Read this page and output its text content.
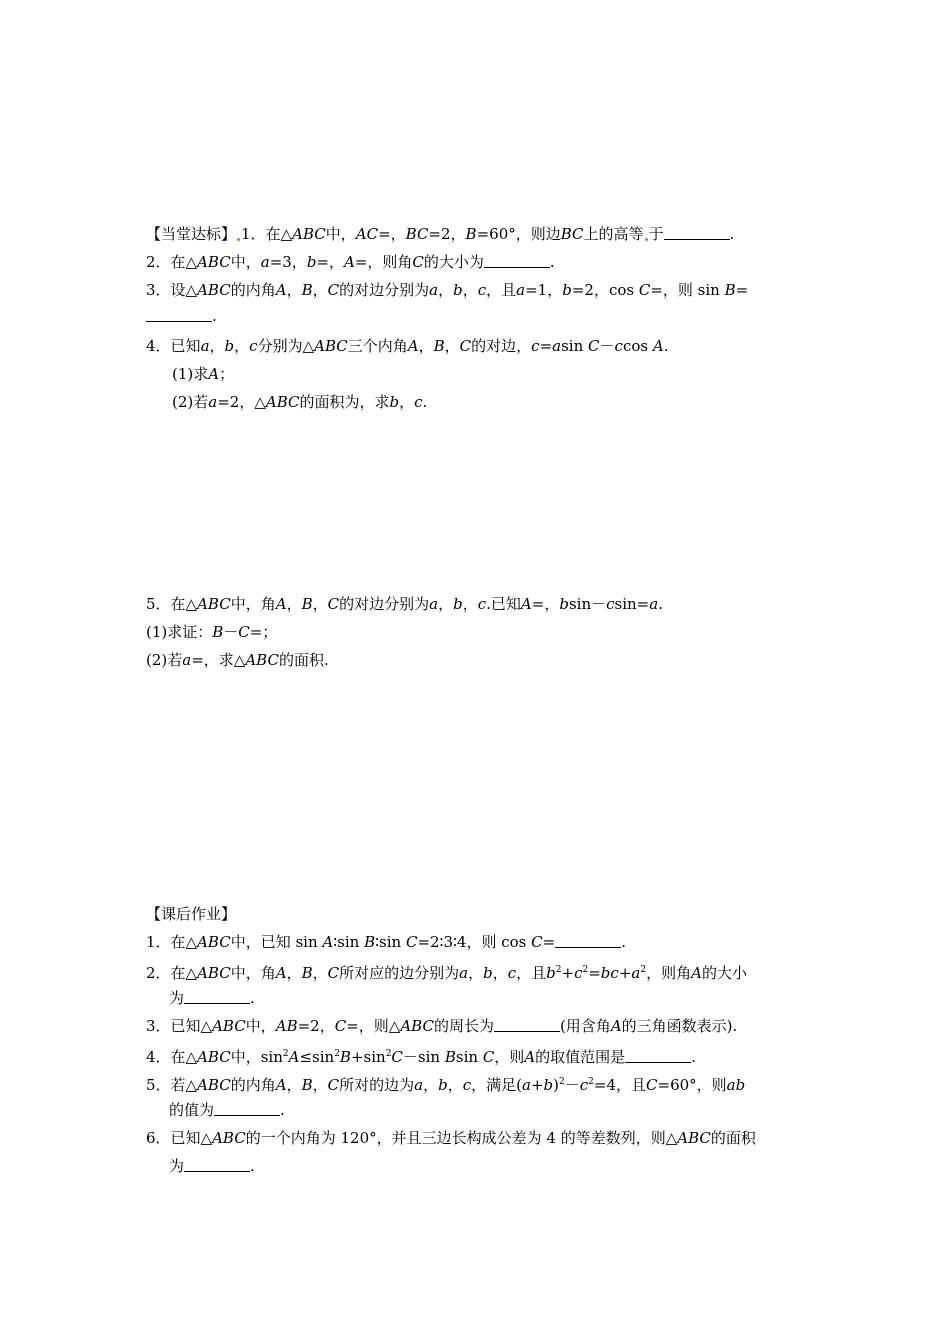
【当堂达标】 1．在△ABC中，AC=，BC=2，B=60°，则边BC上的高等 于	.
2．在△ABC中，a=3，b=，A=，则角C的大小为	.
3．设△ABC的内角A，B，C的对边分别为a，b，c，且a=1，b=2，cos C=，则 sin B=
.
4．已知a，b，c分别为△ABC三个内角A，B，C的对边，c=asin C－ccos A.
(1)求A；
(2)若a=2，△ABC的面积为，求b，c.
5．在△ABC中，角A，B，C的对边分别为a，b，c.已知A=，bsin－csin=a.
(1)求证：B－C=；
(2)若a=，求△ABC的面积.
【课后作业】
1．在△ABC中，已知 sin A∶sin B∶sin C=2∶3∶4，则 cos C=	.
2．在△ABC中，角A，B，C所对应的边分别为a，b，c，且$b^2+c^2=bc+a^2$，则角A的大小
为	.
3．已知△ABC中，AB=2，C=，则△ABC的周长为	(用含角A的三角函数表示).
4．在△ABC中，$\sin^2A\le\sin^2B+\sin^2C-\sin$ Bsin C，则A的取值范围是	.
5．若△ABC的内角A，B，C所对的边为a，b，c，满足$(a+b)^2-c^2=4$，且C=60°，则ab
的值为	.
6．已知△ABC的一个内角为 120°，并且三边长构成公差为 4 的等差数列，则△ABC的面积
为	.
